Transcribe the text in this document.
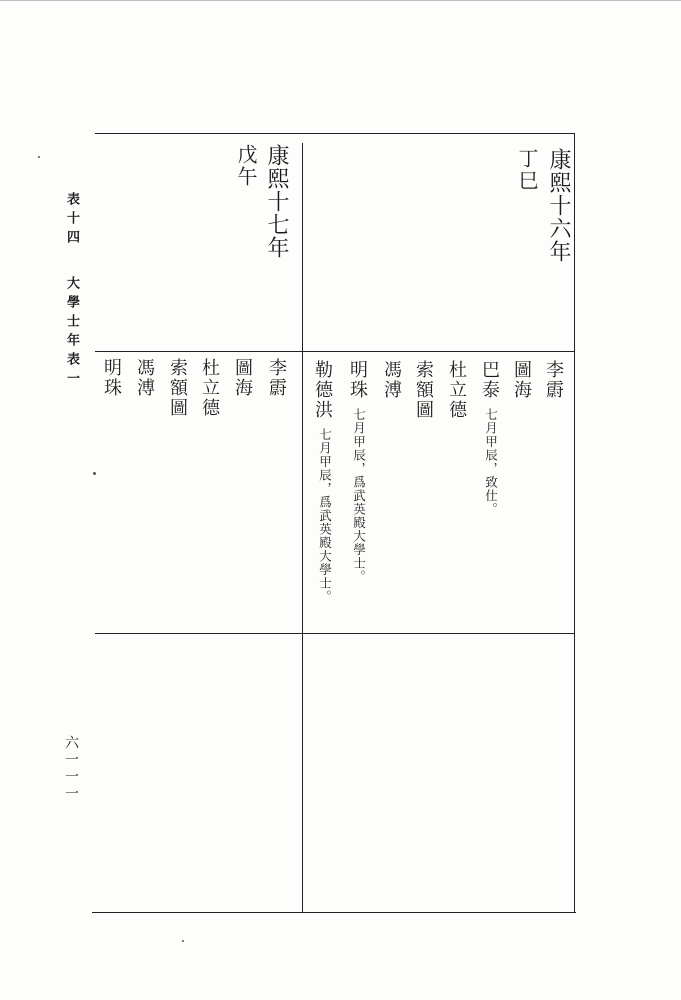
表十四
大學士年表一
六一一一
康熙十六年
丁巳
李霨
圖海
巴泰
七月甲辰，致仕。
杜立德
索額圖
馮溥
明珠
七月甲辰，爲武英殿大學士。
勒德洪
七月甲辰，爲武英殿大學士。
康熙十七年
戊午
李霨
圖海
杜立德
索額圖
馮溥
明珠
